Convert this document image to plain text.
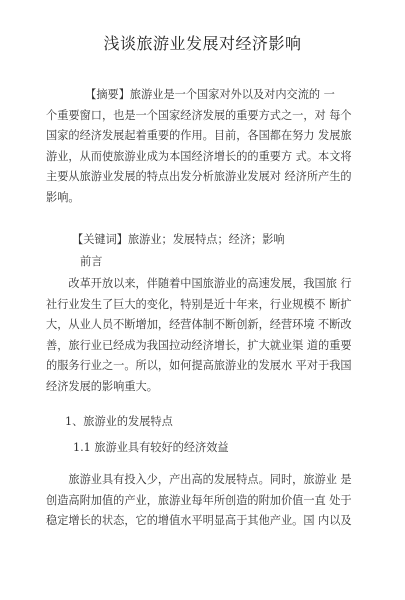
浅谈旅游业发展对经济影响
　　　　【摘要】旅游业是一个国家对外以及对内交流的 一
个重要窗口，也是一个国家经济发展的重要方式之一，对 每个
国家的经济发展起着重要的作用。目前，各国都在努力 发展旅
游业，从而使旅游业成为本国经济增长的的重要方 式。本文将
主要从旅游业发展的特点出发分析旅游业发展对 经济所产生的
影响。
【关键词】旅游业；发展特点；经济；影响
前言
　　改革开放以来，伴随着中国旅游业的高速发展，我国旅 行
社行业发生了巨大的变化，特别是近十年来，行业规模不 断扩
大，从业人员不断增加，经营体制不断创新，经营环境 不断改
善，旅行业已经成为我国拉动经济增长，扩大就业渠 道的重要
的服务行业之一。所以，如何提高旅游业的发展水 平对于我国
经济发展的影响重大。
1、旅游业的发展特点
1.1 旅游业具有较好的经济效益
　　旅游业具有投入少，产出高的发展特点。同时，旅游业 是
创造高附加值的产业，旅游业每年所创造的附加价值一直 处于
稳定增长的状态，它的增值水平明显高于其他产业。国 内以及
